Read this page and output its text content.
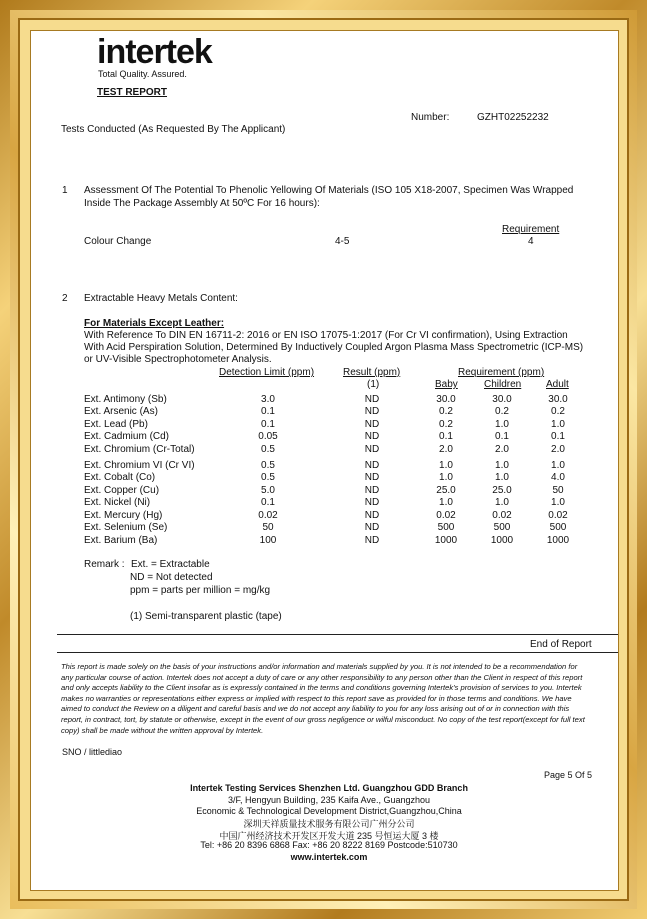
intertek
Total Quality. Assured.
TEST REPORT
Number:	GZHT02252232
Tests Conducted (As Requested By The Applicant)
1 Assessment Of The Potential To Phenolic Yellowing Of Materials (ISO 105 X18-2007, Specimen Was Wrapped
Inside The Package Assembly At 50ºC For 16 hours):
Requirement
Colour Change	4-5	4
2 Extractable Heavy Metals Content:
For Materials Except Leather:
With Reference To DIN EN 16711-2: 2016 or EN ISO 17075-1:2017 (For Cr VI confirmation), Using Extraction
With Acid Perspiration Solution, Determined By Inductively Coupled Argon Plasma Mass Spectrometric (ICP-MS)
or UV-Visible Spectrophotometer Analysis.
Detection Limit (ppm)	Result (ppm)	Requirement (ppm)
(1)	Baby	Children Adult
Ext. Antimony (Sb)	3.0	ND	30.0	30.0	30.0
Ext. Arsenic (As)	0.1	ND	0.2	0.2	0.2
Ext. Lead (Pb)	0.1	ND	0.2	1.0	1.0
Ext. Cadmium (Cd)	0.05	ND	0.1	0.1	0.1
Ext. Chromium (Cr-Total)	0.5	ND	2.0	2.0	2.0
Ext. Chromium VI (Cr VI)	0.5	ND	1.0	1.0	1.0
Ext. Cobalt (Co)	0.5	ND	1.0	1.0	4.0
Ext. Copper (Cu)	5.0	ND	25.0	25.0	50
Ext. Nickel (Ni)	0.1	ND	1.0	1.0	1.0
Ext. Mercury (Hg)	0.02	ND	0.02	0.02	0.02
Ext. Selenium (Se)	50	ND	500	500	500
Ext. Barium (Ba)	100	ND	1000	1000	1000
Remark : Ext. = Extractable
ND = Not detected
ppm = parts per million = mg/kg
(1) Semi-transparent plastic (tape)
End of Report
This report is made solely on the basis of your instructions and/or information and materials supplied by you. It is not intended to be a recommendation for any particular course of action. Intertek does not accept a duty of care or any other responsibility to any person other than the Client in respect of this report and only accepts liability to the Client insofar as is expressly contained in the terms and conditions governing Intertek's provision of services to you. Intertek makes no warranties or representations either express or implied with respect to this report save as provided for in those terms and conditions. We have aimed to conduct the Review on a diligent and careful basis and we do not accept any liability to you for any loss arising out of or in connection with this report, in contract, tort, by statute or otherwise, except in the event of our gross negligence or wilful misconduct. No copy of the test report(except for full text copy) shall be made without the written approval by Intertek.
SNO / littlediao
Page 5 Of 5
Intertek Testing Services Shenzhen Ltd. Guangzhou GDD Branch
3/F, Hengyun Building, 235 Kaifa Ave., Guangzhou
Economic & Technological Development District,Guangzhou,China
深圳天祥质量技术服务有限公司广州分公司
中国广州经济技术开发区开发大道 235 号恒运大厦 3 楼
Tel: +86 20 8396 6868 Fax: +86 20 8222 8169 Postcode:510730
www.intertek.com
